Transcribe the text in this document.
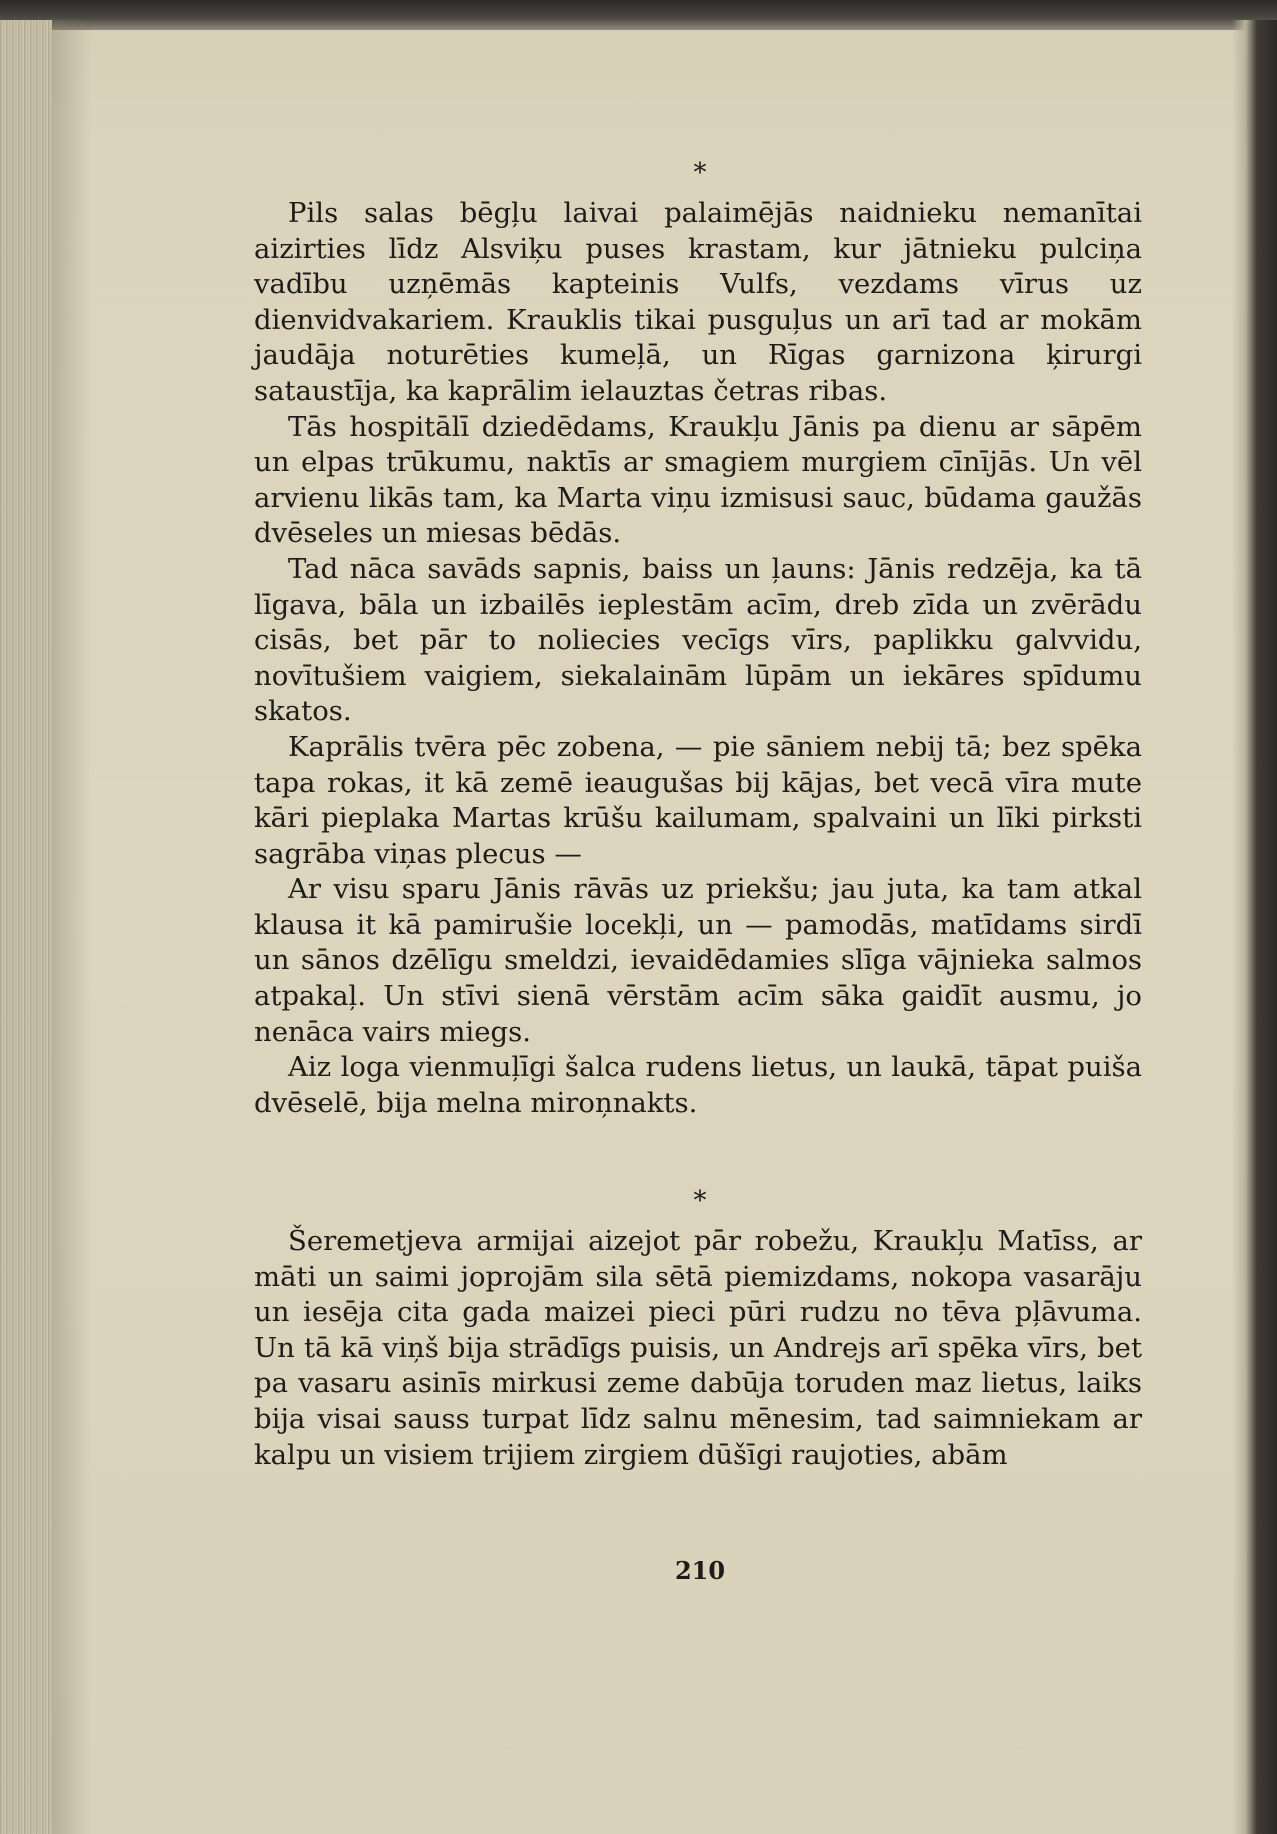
*

Pils salas bēgļu laivai palaimējās naidnieku nemanītai aizirties līdz Alsviķu puses krastam, kur jātnieku pulciņa vadību uzņēmās kapteinis Vulfs, vezdams vīrus uz dienvidvakariem. Krauklis tikai pusguļus un arī tad ar mokām jaudāja noturēties kumeļā, un Rīgas garnizona ķirurgi sataustīja, ka kaprālim ielauztas četras ribas.

Tās hospitālī dziedēdams, Kraukļu Jānis pa dienu ar sāpēm un elpas trūkumu, naktīs ar smagiem murgiem cīnījās. Un vēl arvienu likās tam, ka Marta viņu izmisusi sauc, būdama gaužās dvēseles un miesas bēdās.

Tad nāca savāds sapnis, baiss un ļauns: Jānis redzēja, ka tā līgava, bāla un izbailēs ieplestām acīm, dreb zīda un zvērādu cisās, bet pār to noliecies vecīgs vīrs, paplikku galvvidu, novītušiem vaigiem, siekalainām lūpām un iekāres spīdumu skatos.

Kaprālis tvēra pēc zobena, — pie sāniem nebij tā; bez spēka tapa rokas, it kā zemē ieaugušas bij kājas, bet vecā vīra mute kāri pieplaka Martas krūšu kailumam, spalvaini un līki pirksti sagrāba viņas plecus —

Ar visu sparu Jānis rāvās uz priekšu; jau juta, ka tam atkal klausa it kā pamirušie locekļi, un — pamodās, matīdams sirdī un sānos dzēlīgu smeldzi, ievaidēdamies slīga vājnieka salmos atpakaļ. Un stīvi sienā vērstām acīm sāka gaidīt ausmu, jo nenāca vairs miegs.

Aiz loga vienmuļīgi šalca rudens lietus, un laukā, tāpat puiša dvēselē, bija melna miroņnakts.

*

Šeremetjeva armijai aizejot pār robežu, Kraukļu Matīss, ar māti un saimi joprojām sila sētā piemizdams, nokopa vasarāju un iesēja cita gada maizei pieci pūri rudzu no tēva pļāvuma. Un tā kā viņš bija strādīgs puisis, un Andrejs arī spēka vīrs, bet pa vasaru asinīs mirkusi zeme dabūja toruden maz lietus, laiks bija visai sauss turpat līdz salnu mēnesim, tad saimniekam ar kalpu un visiem trijiem zirgiem dūšīgi raujoties, abām

210
